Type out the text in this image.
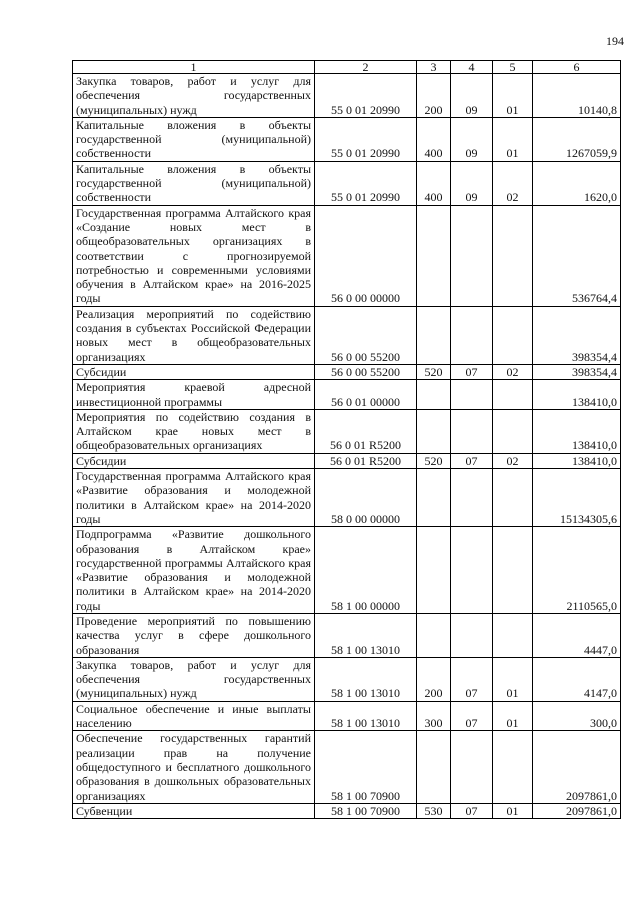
194
1	2	3	4	5	6
Закупка товаров, работ и услуг для обеспечения государственных (муниципальных) нужд	55 0 01 20990	200	09	01	10140,8
Капитальные вложения в объекты государственной (муниципальной) собственности	55 0 01 20990	400	09	01	1267059,9
Капитальные вложения в объекты государственной (муниципальной) собственности	55 0 01 20990	400	09	02	1620,0
Государственная программа Алтайского края «Создание новых мест в общеобразовательных организациях в соответствии с прогнозируемой потребностью и современными условиями обучения в Алтайском крае» на 2016-2025 годы	56 0 00 00000				536764,4
Реализация мероприятий по содействию создания в субъектах Российской Федерации новых мест в общеобразовательных организациях	56 0 00 55200				398354,4
Субсидии	56 0 00 55200	520	07	02	398354,4
Мероприятия краевой адресной инвестиционной программы	56 0 01 00000				138410,0
Мероприятия по содействию создания в Алтайском крае новых мест в общеобразовательных организациях	56 0 01 R5200				138410,0
Субсидии	56 0 01 R5200	520	07	02	138410,0
Государственная программа Алтайского края «Развитие образования и молодежной политики в Алтайском крае» на 2014-2020 годы	58 0 00 00000				15134305,6
Подпрограмма «Развитие дошкольного образования в Алтайском крае» государственной программы Алтайского края «Развитие образования и молодежной политики в Алтайском крае» на 2014-2020 годы	58 1 00 00000				2110565,0
Проведение мероприятий по повышению качества услуг в сфере дошкольного образования	58 1 00 13010				4447,0
Закупка товаров, работ и услуг для обеспечения государственных (муниципальных) нужд	58 1 00 13010	200	07	01	4147,0
Социальное обеспечение и иные выплаты населению	58 1 00 13010	300	07	01	300,0
Обеспечение государственных гарантий реализации прав на получение общедоступного и бесплатного дошкольного образования в дошкольных образовательных организациях	58 1 00 70900				2097861,0
Субвенции	58 1 00 70900	530	07	01	2097861,0
